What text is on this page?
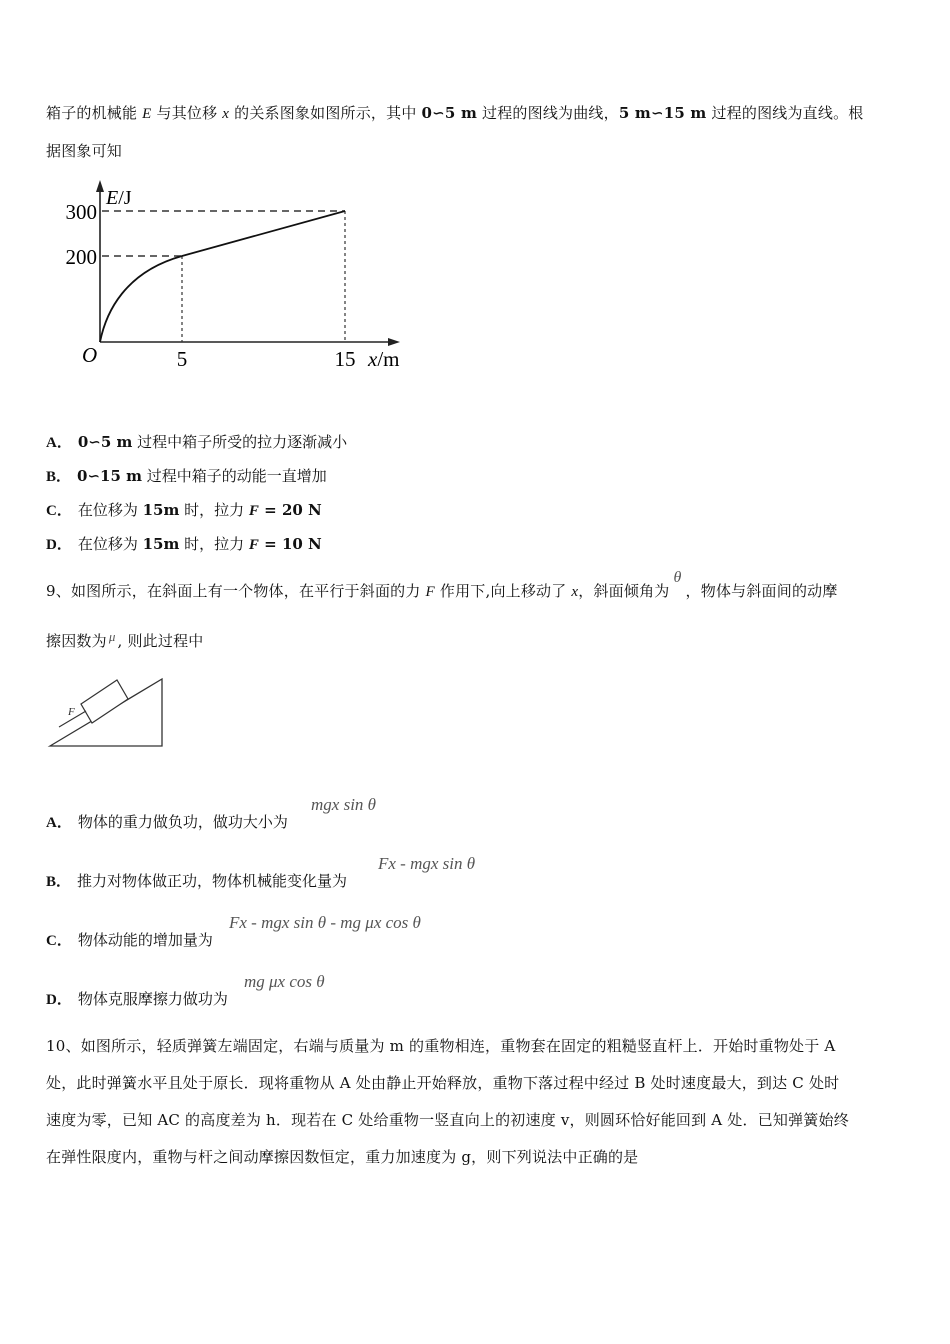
箱子的机械能 E 与其位移 x 的关系图象如图所示，其中 0∽5 m 过程的图线为曲线，5 m∽15 m 过程的图线为直线。根
据图象可知
E/J
300
200
O	5	15 x/m
A． 0∽5 m 过程中箱子所受的拉力逐渐减小
B． 0∽15 m 过程中箱子的动能一直增加
C． 在位移为 15m 时，拉力 F = 20 N
D． 在位移为 15m 时，拉力 F = 10 N
9、如图所示，在斜面上有一个物体，在平行于斜面的力 F 作用下,向上移动了 x，斜面倾角为θ，物体与斜面间的动摩
擦因数为 μ , 则此过程中
F
A． 物体的重力做负功，做功大小为
mgx sin θ
B． 推力对物体做正功，物体机械能变化量为
Fx - mgx sin θ
C． 物体动能的增加量为
Fx - mgx sin θ - mg μx cos θ
D． 物体克服摩擦力做功为
mg μx cos θ
10、如图所示，轻质弹簧左端固定，右端与质量为 m 的重物相连，重物套在固定的粗糙竖直杆上．开始时重物处于 A
处，此时弹簧水平且处于原长．现将重物从 A 处由静止开始释放，重物下落过程中经过 B 处时速度最大，到达 C 处时
速度为零，已知 AC 的高度差为 h．现若在 C 处给重物一竖直向上的初速度 v，则圆环恰好能回到 A 处．已知弹簧始终
在弹性限度内，重物与杆之间动摩擦因数恒定，重力加速度为 g，则下列说法中正确的是
